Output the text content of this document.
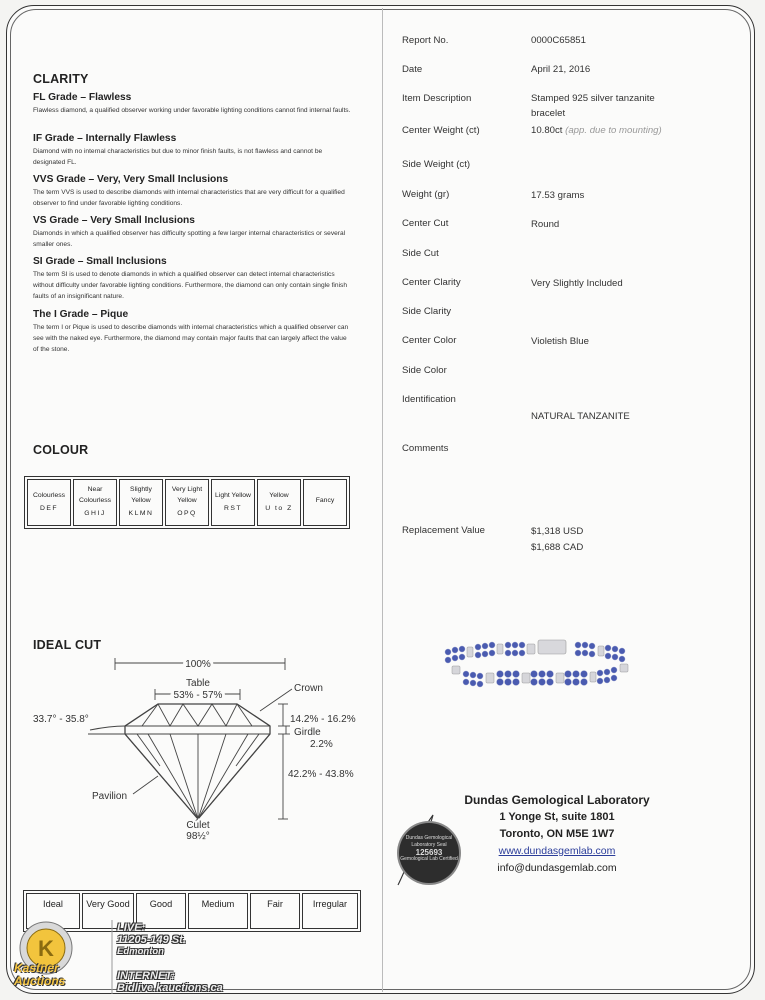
CLARITY
FL Grade – Flawless

Flawless diamond, a qualified observer working under favorable lighting conditions cannot find internal faults.

IF Grade – Internally Flawless

Diamond with no internal characteristics but due to minor finish faults, is not flawless and cannot be designated FL.

VVS Grade – Very, Very Small Inclusions

The term VVS is used to describe diamonds with internal characteristics that are very difficult for a qualified observer to find under favorable lighting conditions.

VS Grade – Very Small Inclusions

Diamonds in which a qualified observer has difficulty spotting a few larger internal characteristics or several smaller ones.

SI Grade – Small Inclusions

The term SI is used to denote diamonds in which a qualified observer can detect internal characteristics without difficulty under favorable lighting conditions. Furthermore, the diamond can only contain single finish faults of an insignificant nature.

The I Grade – Pique

The term I or Pique is used to describe diamonds with internal characteristics which a qualified observer can see with the naked eye. Furthermore, the diamond may contain major faults that can largely affect the value of the stone.

COLOUR
Colourless
DEF

Near Colourless
GHIJ

Slightly Yellow
KLMN

Very Light Yellow
OPQ

Light Yellow
RST

Yellow
U to Z

Fancy
IDEAL CUT
100%
Table
53% - 57%
Crown
33.7° - 35.8°	14.2% - 16.2%
Girdle
2.2%
42.2% - 43.8%
Pavilion
Culet
98½°
Ideal	Very Good	Good	Medium	Fair	Irregular
Report No.	0000C65851
Date	April 21, 2016
Item Description	Stamped 925 silver tanzanite bracelet
Center Weight (ct)	10.80ct (app. due to mounting)
Side Weight (ct)
Weight (gr)	17.53 grams
Center Cut	Round
Side Cut
Center Clarity	Very Slightly Included
Side Clarity
Center Color	Violetish Blue
Side Color
Identification
NATURAL TANZANITE
Comments
Replacement Value	$1,318 USD
$1,688 CAD
Dundas Gemological Laboratory
1 Yonge St, suite 1801
Toronto, ON M5E 1W7
www.dundasgemlab.com
info@dundasgemlab.com
Dundas Gemological Laboratory Seal
125693
Gemological Lab Certified
K
Kastner Auctions
LIVE:
11205-149 St.
Edmonton
INTERNET:
Bidlive.kauctions.ca
